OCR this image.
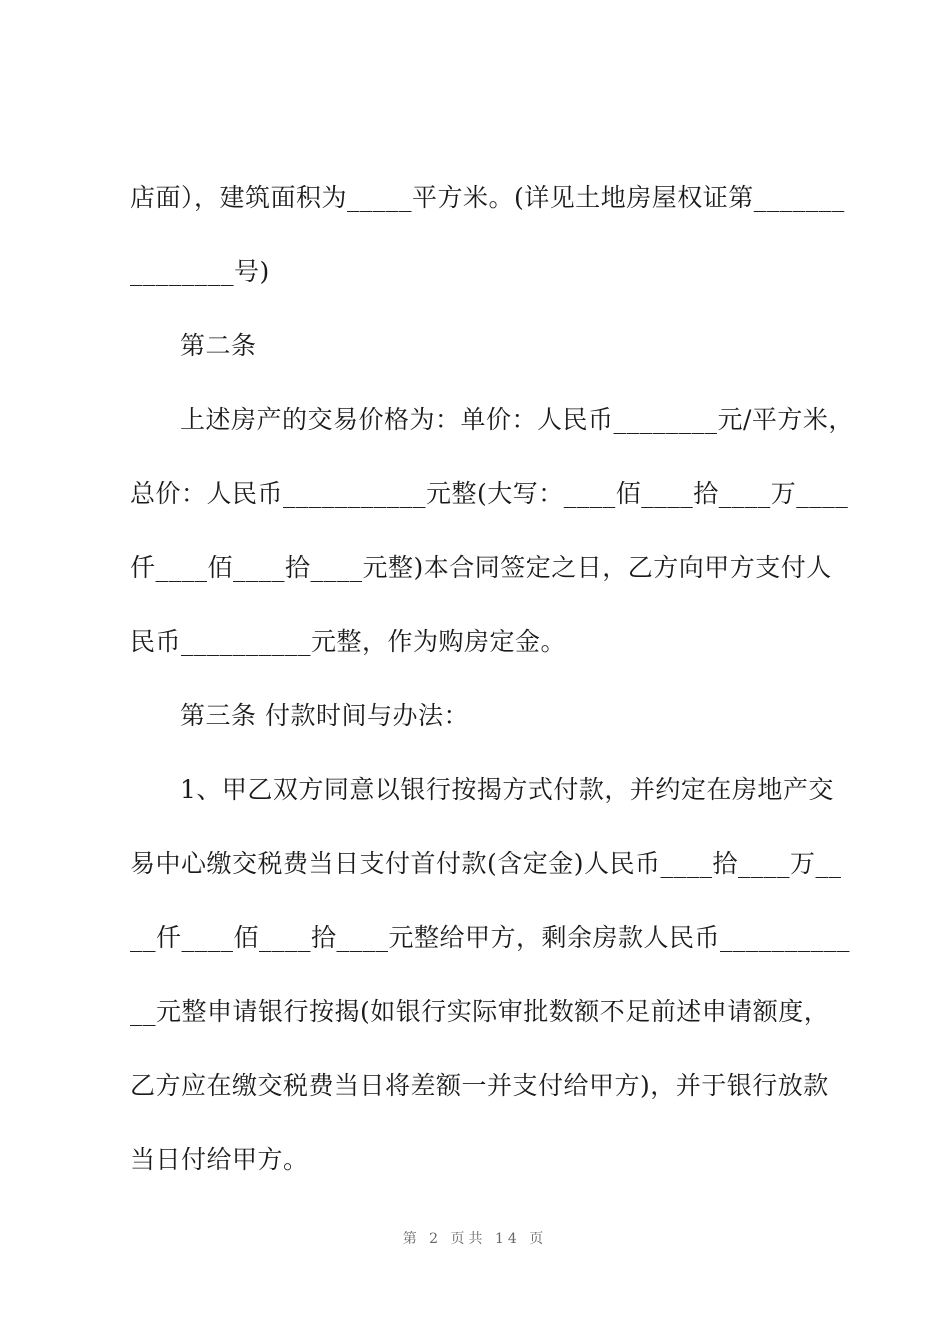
店面），建筑面积为_____平方米。(详见土地房屋权证第_______
________号)
第二条
上述房产的交易价格为：单价：人民币________元/平方米，
总价：人民币___________元整(大写：____佰____拾____万____
仟____佰____拾____元整)本合同签定之日，乙方向甲方支付人
民币__________元整，作为购房定金。
第三条 付款时间与办法：
1、甲乙双方同意以银行按揭方式付款，并约定在房地产交
易中心缴交税费当日支付首付款(含定金)人民币____拾____万__
__仟____佰____拾____元整给甲方，剩余房款人民币__________
__元整申请银行按揭(如银行实际审批数额不足前述申请额度，
乙方应在缴交税费当日将差额一并支付给甲方)，并于银行放款
当日付给甲方。
第 2 页共 14 页
